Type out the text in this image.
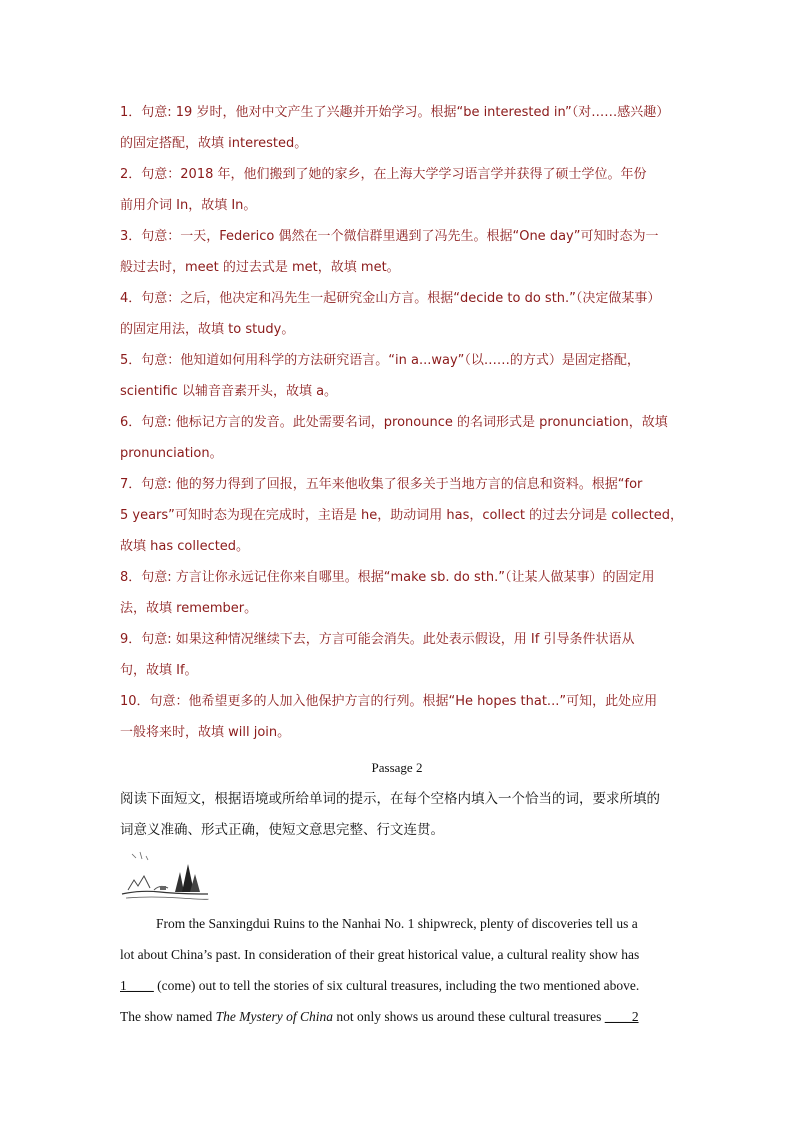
1．句意: 19 岁时，他对中文产生了兴趣并开始学习。根据“be interested in”（对……感兴趣）
的固定搭配，故填 interested。
2．句意：2018 年，他们搬到了她的家乡，在上海大学学习语言学并获得了硕士学位。年份
前用介词 In，故填 In。
3．句意：一天，Federico 偶然在一个微信群里遇到了冯先生。根据“One day”可知时态为一
般过去时，meet 的过去式是 met，故填 met。
4．句意：之后，他决定和冯先生一起研究金山方言。根据“decide to do sth.”（决定做某事）
的固定用法，故填 to study。
5．句意：他知道如何用科学的方法研究语言。“in a...way”（以……的方式）是固定搭配，
scientific 以辅音音素开头，故填 a。
6．句意: 他标记方言的发音。此处需要名词，pronounce 的名词形式是 pronunciation，故填
pronunciation。
7．句意: 他的努力得到了回报，五年来他收集了很多关于当地方言的信息和资料。根据“for
5 years”可知时态为现在完成时，主语是 he，助动词用 has，collect 的过去分词是 collected，
故填 has collected。
8．句意: 方言让你永远记住你来自哪里。根据“make sb. do sth.”（让某人做某事）的固定用
法，故填 remember。
9．句意: 如果这种情况继续下去，方言可能会消失。此处表示假设，用 If 引导条件状语从
句，故填 If。
10．句意：他希望更多的人加入他保护方言的行列。根据“He hopes that...”可知，此处应用
一般将来时，故填 will join。
Passage 2
阅读下面短文，根据语境或所给单词的提示，在每个空格内填入一个恰当的词，要求所填的
词意义准确、形式正确，使短文意思完整、行文连贯。
From the Sanxingdui Ruins to the Nanhai No. 1 shipwreck, plenty of discoveries tell us a
lot about China’s past. In consideration of their great historical value, a cultural reality show has
1____ (come) out to tell the stories of six cultural treasures, including the two mentioned above.
The show named The Mystery of China not only shows us around these cultural treasures ____2
